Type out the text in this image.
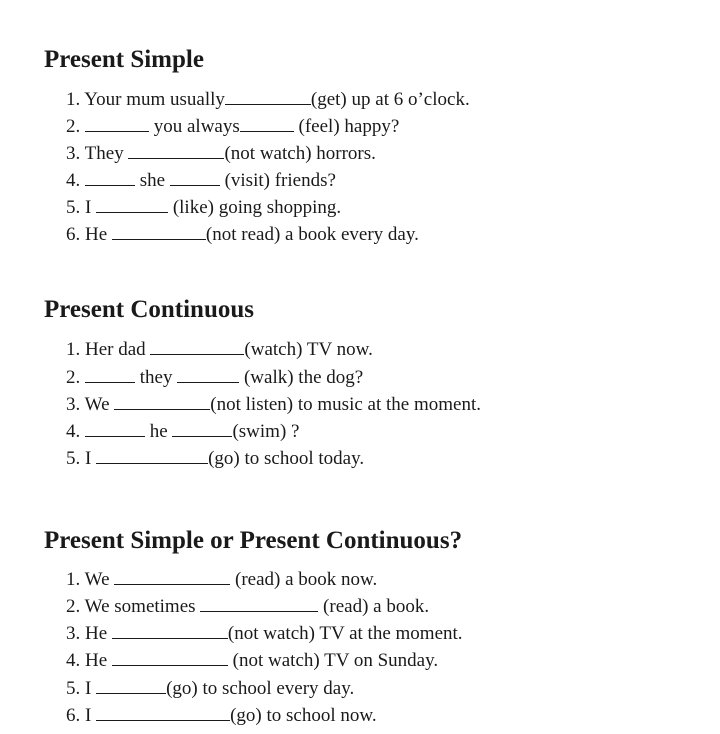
Present Simple

1. Your mum usually	(get) up at 6 o’clock.

2.	you always	(feel) happy?

3. They	(not watch) horrors.

4.	she	(visit) friends?

5. I	(like) going shopping.

6. He	(not read) a book every day.

Present Continuous

1. Her dad	(watch) TV now.

2.	they	(walk) the dog?

3. We	(not listen) to music at the moment.

4.	he	(swim) ?

5. I	(go) to school today.

Present Simple or Present Continuous?

1. We	(read) a book now.

2. We sometimes	(read) a book.

3. He	(not watch) TV at the moment.

4. He	(not watch) TV on Sunday.

5. I	(go) to school every day.

6. I	(go) to school now.
